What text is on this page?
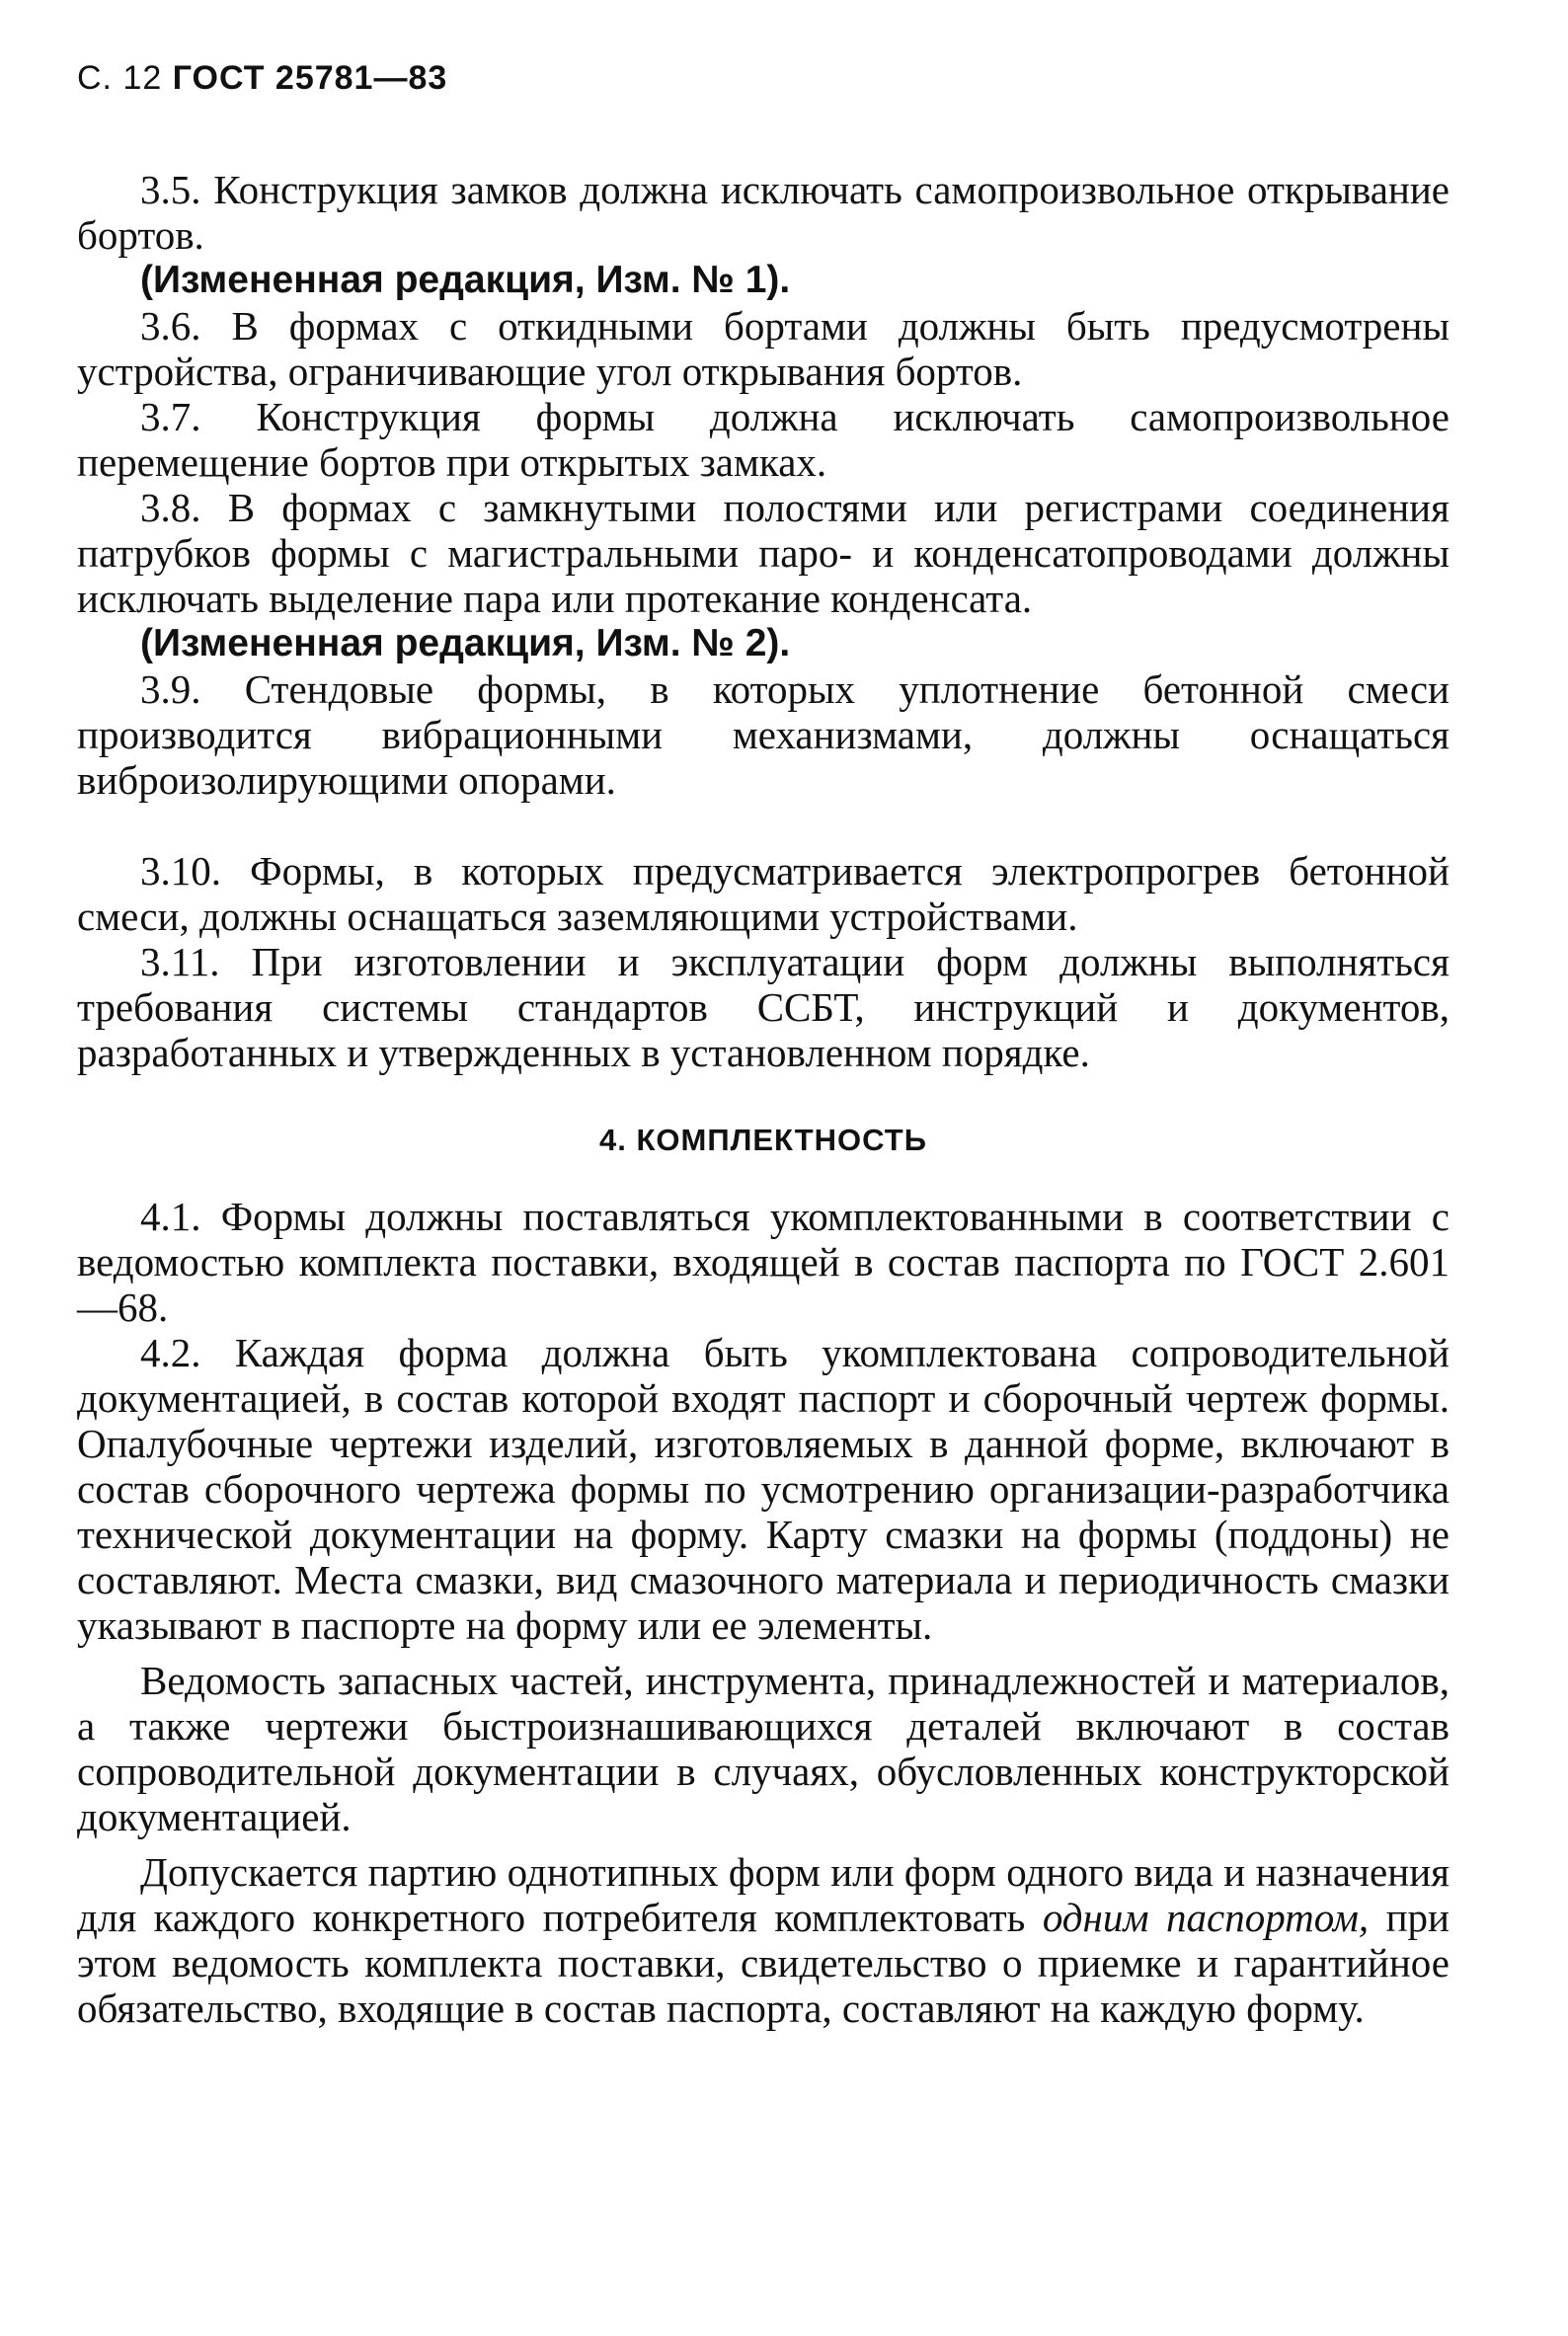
С. 12 ГОСТ 25781—83

3.5. Конструкция замков должна исключать самопроизвольное открывание бортов.

(Измененная редакция, Изм. № 1).

3.6. В формах с откидными бортами должны быть предусмотрены устройства, ограничивающие угол открывания бортов.

3.7. Конструкция формы должна исключать самопроизвольное перемещение бортов при открытых замках.

3.8. В формах с замкнутыми полостями или регистрами соединения патрубков формы с магистральными паро- и конденсатопроводами должны исключать выделение пара или протекание конденсата.

(Измененная редакция, Изм. № 2).

3.9. Стендовые формы, в которых уплотнение бетонной смеси производится вибрационными механизмами, должны оснащаться виброизолирующими опорами.

3.10. Формы, в которых предусматривается электропрогрев бетонной смеси, должны оснащаться заземляющими устройствами.

3.11. При изготовлении и эксплуатации форм должны выполняться требования системы стандартов ССБТ, инструкций и документов, разработанных и утвержденных в установленном порядке.

4. КОМПЛЕКТНОСТЬ

4.1. Формы должны поставляться укомплектованными в соответствии с ведомостью комплекта поставки, входящей в состав паспорта по ГОСТ 2.601—68.

4.2. Каждая форма должна быть укомплектована сопроводительной документацией, в состав которой входят паспорт и сборочный чертеж формы. Опалубочные чертежи изделий, изготовляемых в данной форме, включают в состав сборочного чертежа формы по усмотрению организации-разработчика технической документации на форму. Карту смазки на формы (поддоны) не составляют. Места смазки, вид смазочного материала и периодичность смазки указывают в паспорте на форму или ее элементы.

Ведомость запасных частей, инструмента, принадлежностей и материалов, а также чертежи быстроизнашивающихся деталей включают в состав сопроводительной документации в случаях, обусловленных конструкторской документацией.

Допускается партию однотипных форм или форм одного вида и назначения для каждого конкретного потребителя комплектовать одним паспортом, при этом ведомость комплекта поставки, свидетельство о приемке и гарантийное обязательство, входящие в состав паспорта, составляют на каждую форму.
